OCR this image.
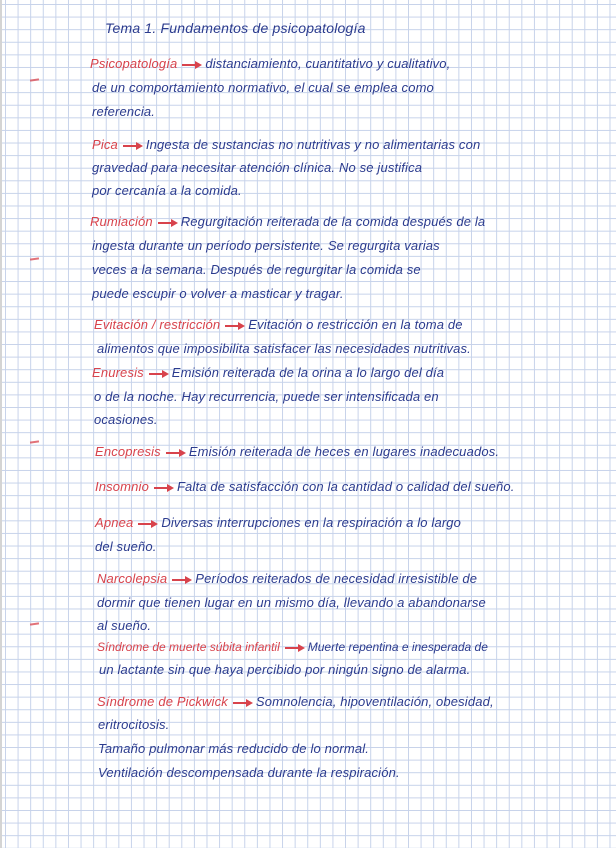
Tema 1. Fundamentos de psicopatología
Psicopatología distanciamiento, cuantitativo y cualitativo,
de un comportamiento normativo, el cual se emplea como
referencia.
Pica Ingesta de sustancias no nutritivas y no alimentarias con
gravedad para necesitar atención clínica. No se justifica
por cercanía a la comida.
Rumiación Regurgitación reiterada de la comida después de la
ingesta durante un período persistente. Se regurgita varias
veces a la semana. Después de regurgitar la comida se
puede escupir o volver a masticar y tragar.
Evitación / restricción Evitación o restricción en la toma de
alimentos que imposibilita satisfacer las necesidades nutritivas.
Enuresis Emisión reiterada de la orina a lo largo del día
o de la noche. Hay recurrencia, puede ser intensificada en
ocasiones.
Encopresis Emisión reiterada de heces en lugares inadecuados.
Insomnio Falta de satisfacción con la cantidad o calidad del sueño.
Apnea Diversas interrupciones en la respiración a lo largo
del sueño.
Narcolepsia Períodos reiterados de necesidad irresistible de
dormir que tienen lugar en un mismo día, llevando a abandonarse
al sueño.
Síndrome de muerte súbita infantil Muerte repentina e inesperada de
un lactante sin que haya percibido por ningún signo de alarma.
Síndrome de Pickwick Somnolencia, hipoventilación, obesidad,
eritrocitosis.
Tamaño pulmonar más reducido de lo normal.
Ventilación descompensada durante la respiración.
